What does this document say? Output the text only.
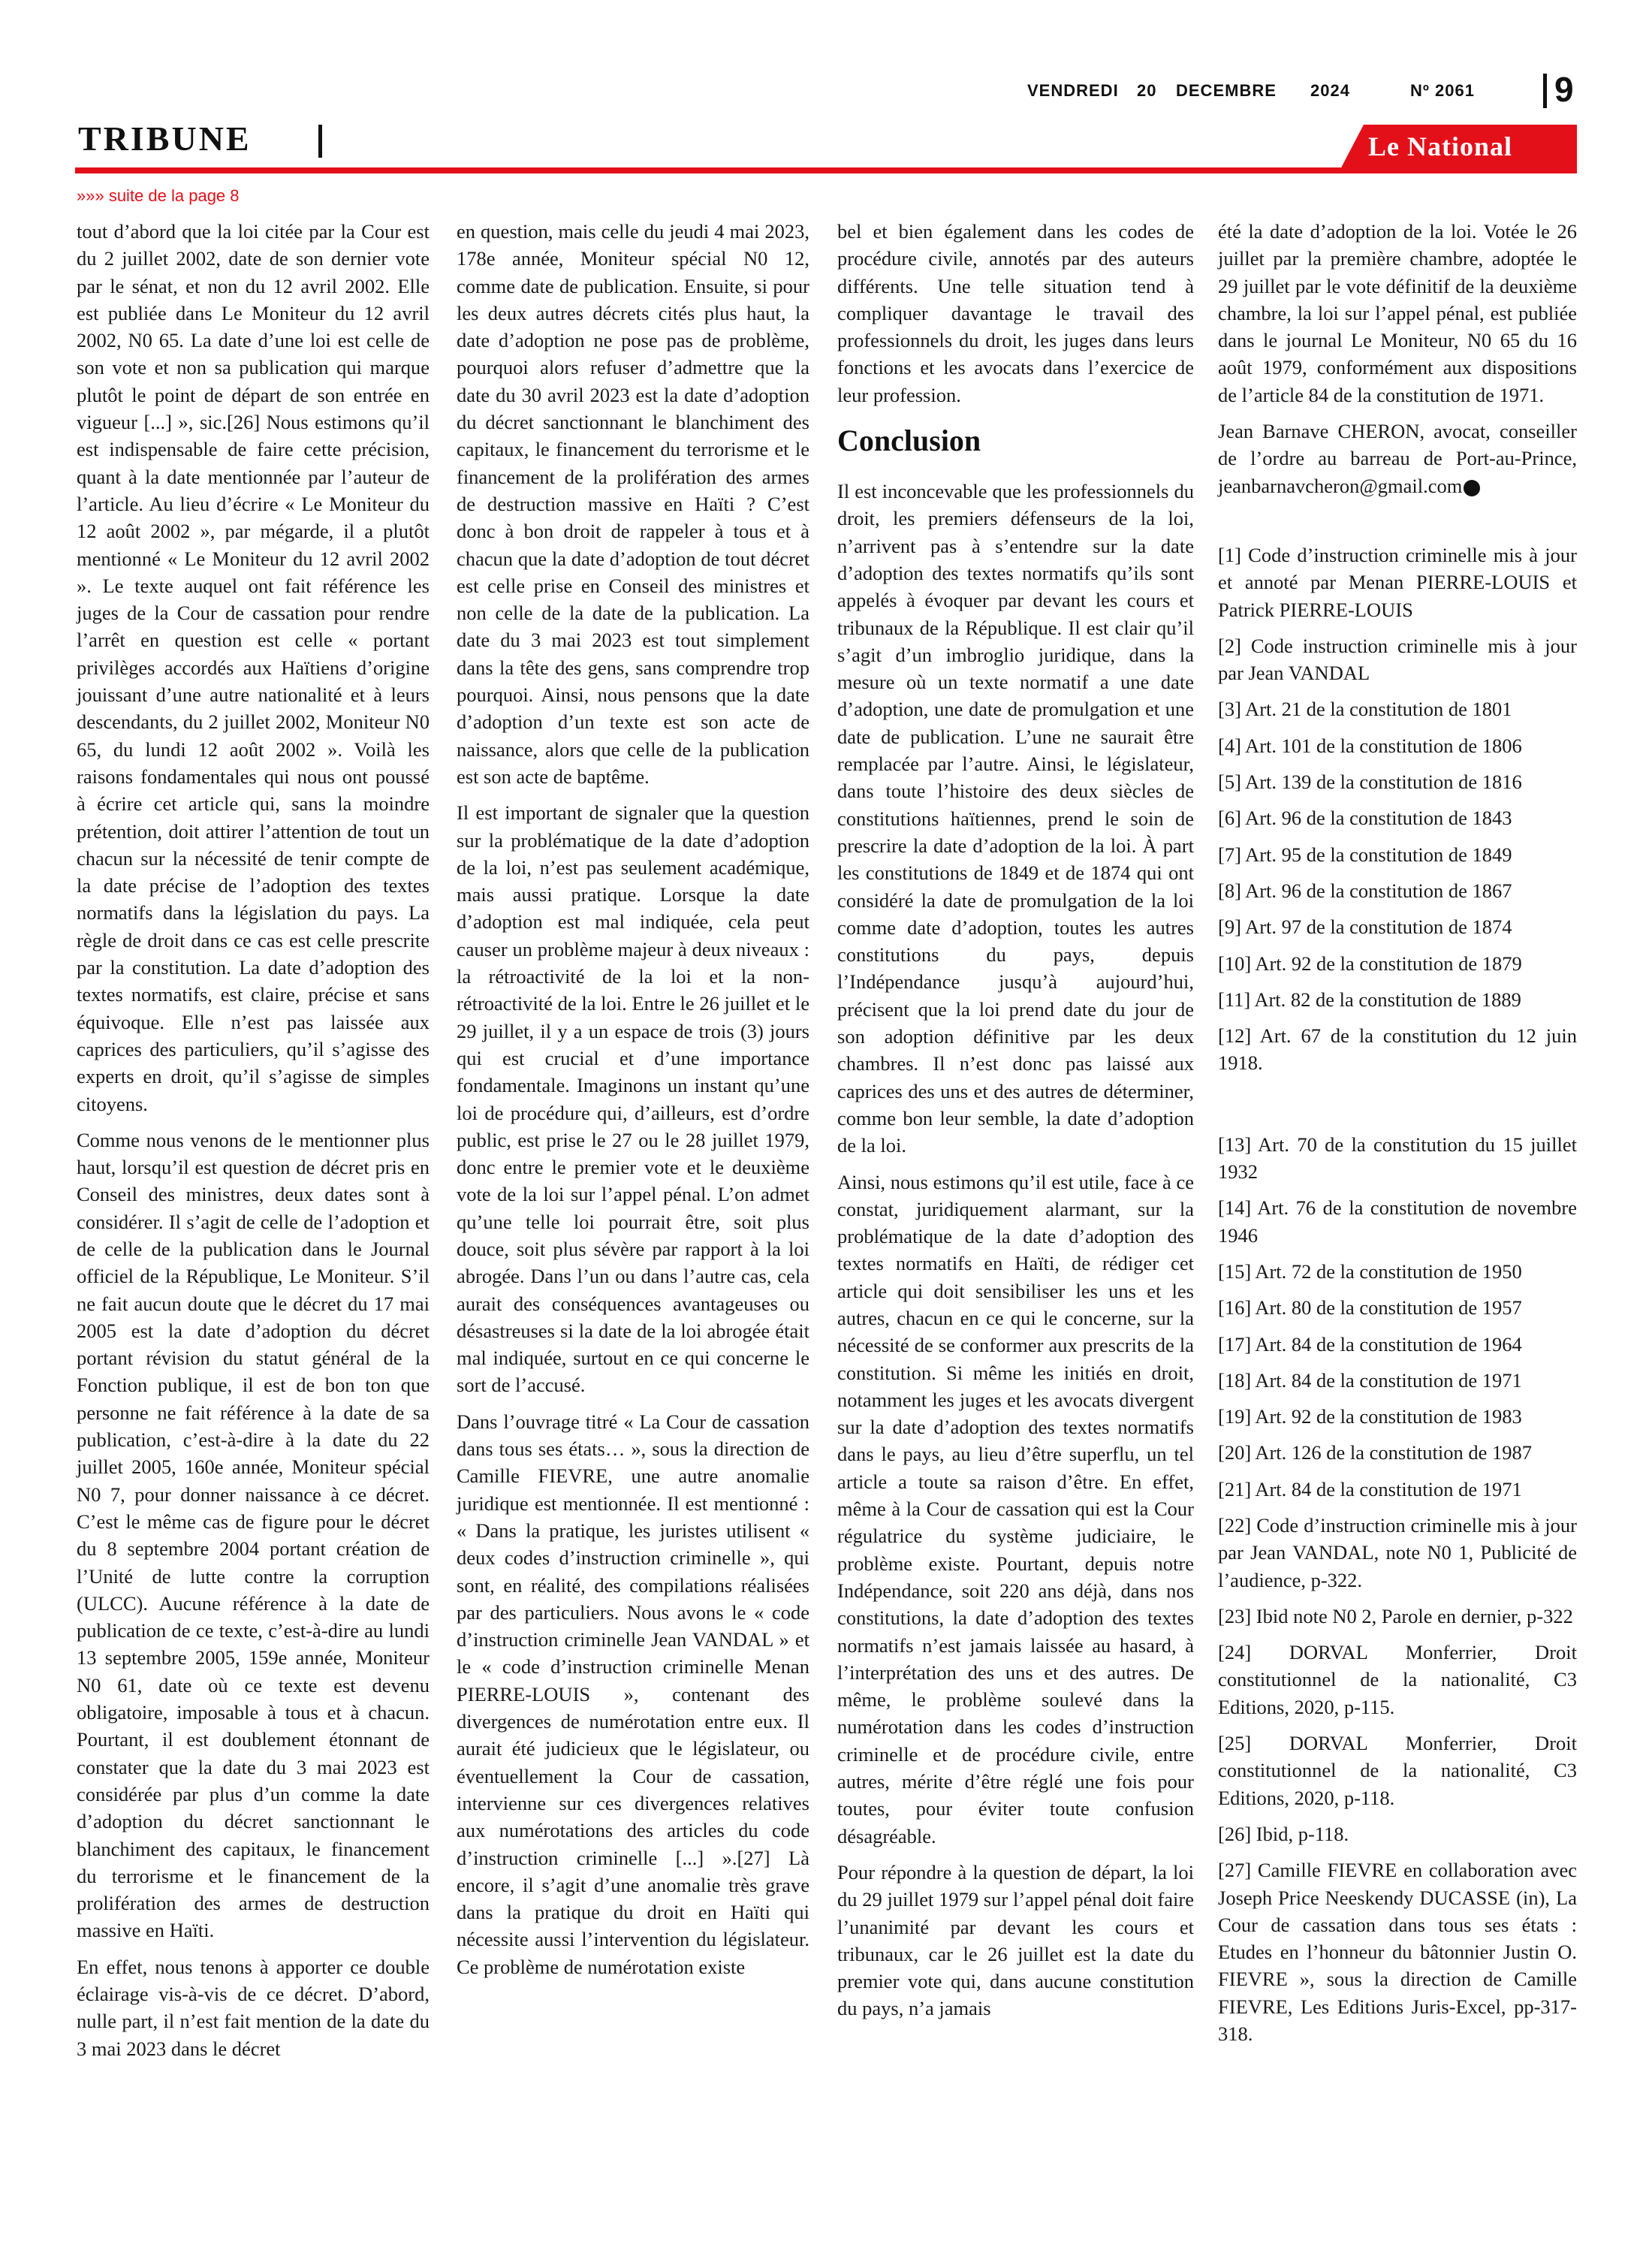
VENDREDI 20 DECEMBRE 2024	Nº 2061 9
TRIBUNE	Le National
»»» suite de la page 8

tout d’abord que la loi citée par la Cour est du 2 juillet 2002, date de son dernier vote par le sénat, et non du 12 avril 2002. Elle est publiée dans Le Moniteur du 12 avril 2002, N0 65. La date d’une loi est celle de son vote et non sa publication qui marque plutôt le point de départ de son entrée en vigueur [...] », sic.[26] Nous estimons qu’il est indispensable de faire cette précision, quant à la date mentionnée par l’auteur de l’article. Au lieu d’écrire « Le Moniteur du 12 août 2002 », par mégarde, il a plutôt mentionné « Le Moniteur du 12 avril 2002 ». Le texte auquel ont fait référence les juges de la Cour de cassation pour rendre l’arrêt en question est celle « portant privilèges accordés aux Haïtiens d’origine jouissant d’une autre nationalité et à leurs descendants, du 2 juillet 2002, Moniteur N0 65, du lundi 12 août 2002 ». Voilà les raisons fondamentales qui nous ont poussé à écrire cet article qui, sans la moindre prétention, doit attirer l’attention de tout un chacun sur la nécessité de tenir compte de la date précise de l’adoption des textes normatifs dans la législation du pays. La règle de droit dans ce cas est celle prescrite par la constitution. La date d’adoption des textes normatifs, est claire, précise et sans équivoque. Elle n’est pas laissée aux caprices des particuliers, qu’il s’agisse des experts en droit, qu’il s’agisse de simples citoyens.

Comme nous venons de le mentionner plus haut, lorsqu’il est question de décret pris en Conseil des ministres, deux dates sont à considérer. Il s’agit de celle de l’adoption et de celle de la publication dans le Journal officiel de la République, Le Moniteur. S’il ne fait aucun doute que le décret du 17 mai 2005 est la date d’adoption du décret portant révision du statut général de la Fonction publique, il est de bon ton que personne ne fait référence à la date de sa publication, c’est-à-dire à la date du 22 juillet 2005, 160e année, Moniteur spécial N0 7, pour donner naissance à ce décret. C’est le même cas de figure pour le décret du 8 septembre 2004 portant création de l’Unité de lutte contre la corruption (ULCC). Aucune référence à la date de publication de ce texte, c’est-à-dire au lundi 13 septembre 2005, 159e année, Moniteur N0 61, date où ce texte est devenu obligatoire, imposable à tous et à chacun. Pourtant, il est doublement étonnant de constater que la date du 3 mai 2023 est considérée par plus d’un comme la date d’adoption du décret sanctionnant le blanchiment des capitaux, le financement du terrorisme et le financement de la prolifération des armes de destruction massive en Haïti.

En effet, nous tenons à apporter ce double éclairage vis-à-vis de ce décret. D’abord, nulle part, il n’est fait mention de la date du 3 mai 2023 dans le décret

en question, mais celle du jeudi 4 mai 2023, 178e année, Moniteur spécial N0 12, comme date de publication. Ensuite, si pour les deux autres décrets cités plus haut, la date d’adoption ne pose pas de problème, pourquoi alors refuser d’admettre que la date du 30 avril 2023 est la date d’adoption du décret sanctionnant le blanchiment des capitaux, le financement du terrorisme et le financement de la prolifération des armes de destruction massive en Haïti ? C’est donc à bon droit de rappeler à tous et à chacun que la date d’adoption de tout décret est celle prise en Conseil des ministres et non celle de la date de la publication. La date du 3 mai 2023 est tout simplement dans la tête des gens, sans comprendre trop pourquoi. Ainsi, nous pensons que la date d’adoption d’un texte est son acte de naissance, alors que celle de la publication est son acte de baptême.

Il est important de signaler que la question sur la problématique de la date d’adoption de la loi, n’est pas seulement académique, mais aussi pratique. Lorsque la date d’adoption est mal indiquée, cela peut causer un problème majeur à deux niveaux : la rétroactivité de la loi et la non-rétroactivité de la loi. Entre le 26 juillet et le 29 juillet, il y a un espace de trois (3) jours qui est crucial et d’une importance fondamentale. Imaginons un instant qu’une loi de procédure qui, d’ailleurs, est d’ordre public, est prise le 27 ou le 28 juillet 1979, donc entre le premier vote et le deuxième vote de la loi sur l’appel pénal. L’on admet qu’une telle loi pourrait être, soit plus douce, soit plus sévère par rapport à la loi abrogée. Dans l’un ou dans l’autre cas, cela aurait des conséquences avantageuses ou désastreuses si la date de la loi abrogée était mal indiquée, surtout en ce qui concerne le sort de l’accusé.

Dans l’ouvrage titré « La Cour de cassation dans tous ses états… », sous la direction de Camille FIEVRE, une autre anomalie juridique est mentionnée. Il est mentionné : « Dans la pratique, les juristes utilisent « deux codes d’instruction criminelle », qui sont, en réalité, des compilations réalisées par des particuliers. Nous avons le « code d’instruction criminelle Jean VANDAL » et le « code d’instruction criminelle Menan PIERRE-LOUIS », contenant des divergences de numérotation entre eux. Il aurait été judicieux que le législateur, ou éventuellement la Cour de cassation, intervienne sur ces divergences relatives aux numérotations des articles du code d’instruction criminelle [...] ».[27] Là encore, il s’agit d’une anomalie très grave dans la pratique du droit en Haïti qui nécessite aussi l’intervention du législateur. Ce problème de numérotation existe

bel et bien également dans les codes de procédure civile, annotés par des auteurs différents. Une telle situation tend à compliquer davantage le travail des professionnels du droit, les juges dans leurs fonctions et les avocats dans l’exercice de leur profession.

Conclusion

Il est inconcevable que les professionnels du droit, les premiers défenseurs de la loi, n’arrivent pas à s’entendre sur la date d’adoption des textes normatifs qu’ils sont appelés à évoquer par devant les cours et tribunaux de la République. Il est clair qu’il s’agit d’un imbroglio juridique, dans la mesure où un texte normatif a une date d’adoption, une date de promulgation et une date de publication. L’une ne saurait être remplacée par l’autre. Ainsi, le législateur, dans toute l’histoire des deux siècles de constitutions haïtiennes, prend le soin de prescrire la date d’adoption de la loi. À part les constitutions de 1849 et de 1874 qui ont considéré la date de promulgation de la loi comme date d’adoption, toutes les autres constitutions du pays, depuis l’Indépendance jusqu’à aujourd’hui, précisent que la loi prend date du jour de son adoption définitive par les deux chambres. Il n’est donc pas laissé aux caprices des uns et des autres de déterminer, comme bon leur semble, la date d’adoption de la loi.

Ainsi, nous estimons qu’il est utile, face à ce constat, juridiquement alarmant, sur la problématique de la date d’adoption des textes normatifs en Haïti, de rédiger cet article qui doit sensibiliser les uns et les autres, chacun en ce qui le concerne, sur la nécessité de se conformer aux prescrits de la constitution. Si même les initiés en droit, notamment les juges et les avocats divergent sur la date d’adoption des textes normatifs dans le pays, au lieu d’être superflu, un tel article a toute sa raison d’être. En effet, même à la Cour de cassation qui est la Cour régulatrice du système judiciaire, le problème existe. Pourtant, depuis notre Indépendance, soit 220 ans déjà, dans nos constitutions, la date d’adoption des textes normatifs n’est jamais laissée au hasard, à l’interprétation des uns et des autres. De même, le problème soulevé dans la numérotation dans les codes d’instruction criminelle et de procédure civile, entre autres, mérite d’être réglé une fois pour toutes, pour éviter toute confusion désagréable.

Pour répondre à la question de départ, la loi du 29 juillet 1979 sur l’appel pénal doit faire l’unanimité par devant les cours et tribunaux, car le 26 juillet est la date du premier vote qui, dans aucune constitution du pays, n’a jamais

été la date d’adoption de la loi. Votée le 26 juillet par la première chambre, adoptée le 29 juillet par le vote définitif de la deuxième chambre, la loi sur l’appel pénal, est publiée dans le journal Le Moniteur, N0 65 du 16 août 1979, conformément aux dispositions de l’article 84 de la constitution de 1971.

Jean Barnave CHERON, avocat, conseiller de l’ordre au barreau de Port-au-Prince, jeanbarnavcheron@gmail.com

[1] Code d’instruction criminelle mis à jour et annoté par Menan PIERRE-LOUIS et Patrick PIERRE-LOUIS

[2] Code instruction criminelle mis à jour par Jean VANDAL

[3] Art. 21 de la constitution de 1801

[4] Art. 101 de la constitution de 1806

[5] Art. 139 de la constitution de 1816

[6] Art. 96 de la constitution de 1843

[7] Art. 95 de la constitution de 1849

[8] Art. 96 de la constitution de 1867

[9] Art. 97 de la constitution de 1874

[10] Art. 92 de la constitution de 1879

[11] Art. 82 de la constitution de 1889

[12] Art. 67 de la constitution du 12 juin 1918.

[13] Art. 70 de la constitution du 15 juillet 1932

[14] Art. 76 de la constitution de novembre 1946

[15] Art. 72 de la constitution de 1950

[16] Art. 80 de la constitution de 1957

[17] Art. 84 de la constitution de 1964

[18] Art. 84 de la constitution de 1971

[19] Art. 92 de la constitution de 1983

[20] Art. 126 de la constitution de 1987

[21] Art. 84 de la constitution de 1971

[22] Code d’instruction criminelle mis à jour par Jean VANDAL, note N0 1, Publicité de l’audience, p-322.

[23] Ibid note N0 2, Parole en dernier, p-322

[24] DORVAL Monferrier, Droit constitutionnel de la nationalité, C3 Editions, 2020, p-115.

[25] DORVAL Monferrier, Droit constitutionnel de la nationalité, C3 Editions, 2020, p-118.

[26] Ibid, p-118.

[27] Camille FIEVRE en collaboration avec Joseph Price Neeskendy DUCASSE (in), La Cour de cassation dans tous ses états : Etudes en l’honneur du bâtonnier Justin O. FIEVRE », sous la direction de Camille FIEVRE, Les Editions Juris-Excel, pp-317-318.
